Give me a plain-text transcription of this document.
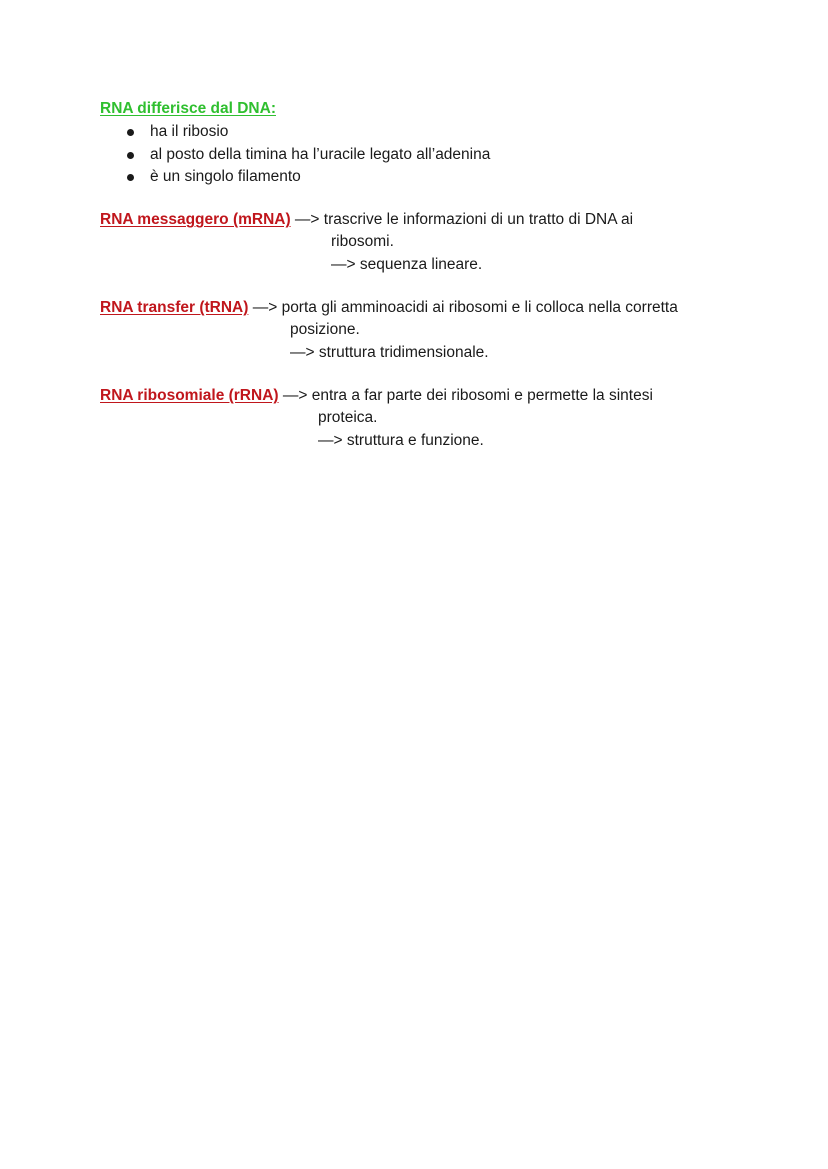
RNA differisce dal DNA:
ha il ribosio
al posto della timina ha l’uracile legato all’adenina
è un singolo filamento
RNA messaggero (mRNA) —> trascrive le informazioni di un tratto di DNA ai
ribosomi.
—> sequenza lineare.
RNA transfer (tRNA) —> porta gli amminoacidi ai ribosomi e li colloca nella corretta
posizione.
—> struttura tridimensionale.
RNA ribosomiale (rRNA) —> entra a far parte dei ribosomi e permette la sintesi
proteica.
—> struttura e funzione.
